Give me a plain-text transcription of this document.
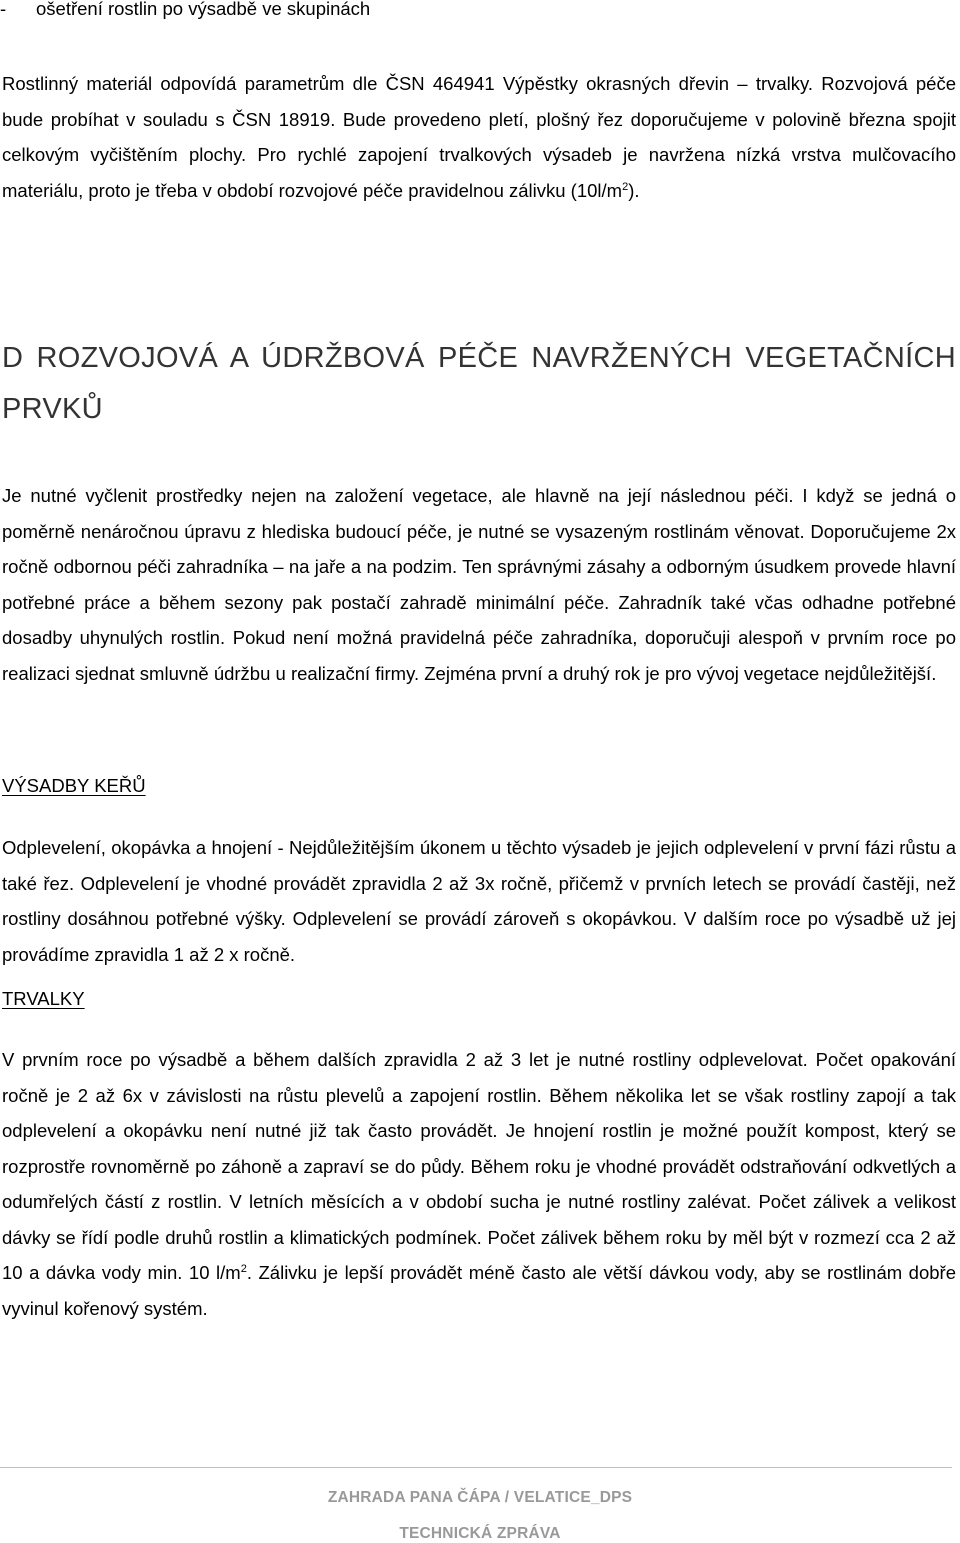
- ošetření rostlin po výsadbě ve skupinách

Rostlinný materiál odpovídá parametrům dle ČSN 464941 Výpěstky okrasných dřevin – trvalky. Rozvojová péče bude probíhat v souladu s ČSN 18919. Bude provedeno pletí, plošný řez doporučujeme v polovině března spojit celkovým vyčištěním plochy. Pro rychlé zapojení trvalkových výsadeb je navržena nízká vrstva mulčovacího materiálu, proto je třeba v období rozvojové péče pravidelnou zálivku $(10l/m^2)$.

D ROZVOJOVÁ A ÚDRŽBOVÁ PÉČE NAVRŽENÝCH VEGETAČNÍCH PRVKŮ

Je nutné vyčlenit prostředky nejen na založení vegetace, ale hlavně na její následnou péči. I když se jedná o poměrně nenáročnou úpravu z hlediska budoucí péče, je nutné se vysazeným rostlinám věnovat. Doporučujeme 2x ročně odbornou péči zahradníka – na jaře a na podzim. Ten správnými zásahy a odborným úsudkem provede hlavní potřebné práce a během sezony pak postačí zahradě minimální péče. Zahradník také včas odhadne potřebné dosadby uhynulých rostlin. Pokud není možná pravidelná péče zahradníka, doporučuji alespoň v prvním roce po realizaci sjednat smluvně údržbu u realizační firmy. Zejména první a druhý rok je pro vývoj vegetace nejdůležitější.

VÝSADBY KEŘŮ

Odplevelení, okopávka a hnojení - Nejdůležitějším úkonem u těchto výsadeb je jejich odplevelení v první fázi růstu a také řez. Odplevelení je vhodné provádět zpravidla 2 až 3x ročně, přičemž v prvních letech se provádí častěji, než rostliny dosáhnou potřebné výšky. Odplevelení se provádí zároveň s okopávkou. V dalším roce po výsadbě už jej provádíme zpravidla 1 až 2 x ročně.

TRVALKY

V prvním roce po výsadbě a během dalších zpravidla 2 až 3 let je nutné rostliny odplevelovat. Počet opakování ročně je 2 až 6x v závislosti na růstu plevelů a zapojení rostlin. Během několika let se však rostliny zapojí a tak odplevelení a okopávku není nutné již tak často provádět. Je hnojení rostlin je možné použít kompost, který se rozprostře rovnoměrně po záhoně a zapraví se do půdy. Během roku je vhodné provádět odstraňování odkvetlých a odumřelých částí z rostlin. V letních měsících a v období sucha je nutné rostliny zalévat. Počet zálivek a velikost dávky se řídí podle druhů rostlin a klimatických podmínek. Počet zálivek během roku by měl být v rozmezí cca 2 až 10 a dávka vody min. 10 $l/m^2$. Zálivku je lepší provádět méně často ale větší dávkou vody, aby se rostlinám dobře vyvinul kořenový systém.

ZAHRADA PANA ČÁPA / VELATICE_DPS
TECHNICKÁ ZPRÁVA
